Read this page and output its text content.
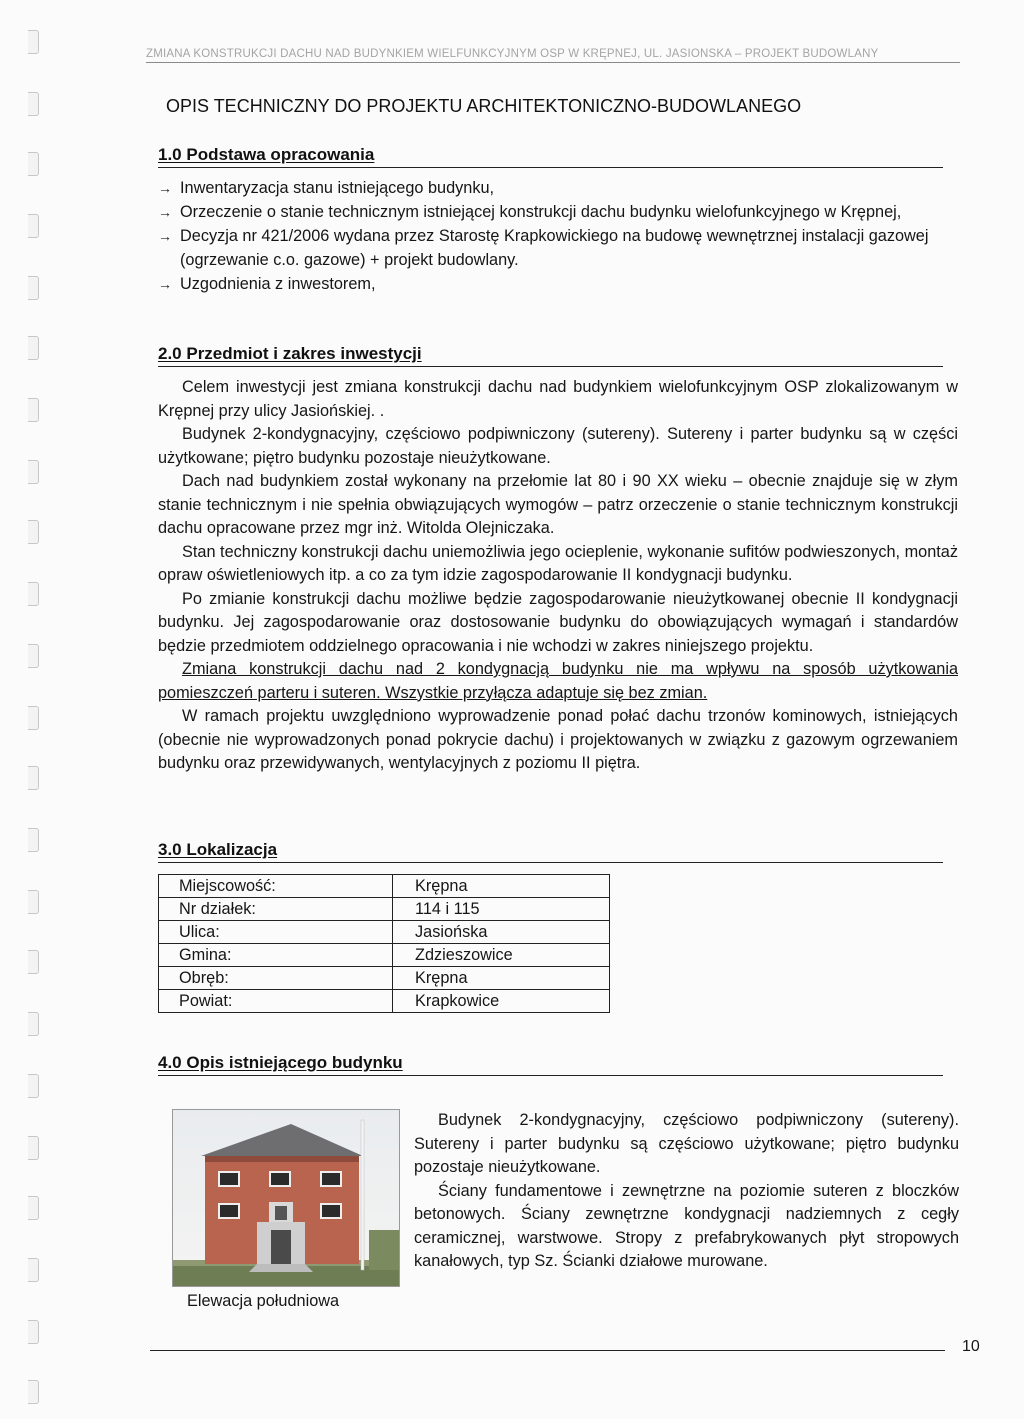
ZMIANA KONSTRUKCJI DACHU NAD BUDYNKIEM WIELFUNKCYJNYM OSP W KRĘPNEJ, UL. JASIOŃSKA – PROJEKT BUDOWLANY
OPIS TECHNICZNY DO PROJEKTU ARCHITEKTONICZNO-BUDOWLANEGO
1.0 Podstawa opracowania
→ Inwentaryzacja stanu istniejącego budynku,
→ Orzeczenie o stanie technicznym istniejącej konstrukcji dachu budynku wielofunkcyjnego w Krępnej,
→ Decyzja nr 421/2006 wydana przez Starostę Krapkowickiego na budowę wewnętrznej instalacji gazowej (ogrzewanie c.o. gazowe) + projekt budowlany.
→ Uzgodnienia z inwestorem,
2.0 Przedmiot i zakres inwestycji

Celem inwestycji jest zmiana konstrukcji dachu nad budynkiem wielofunkcyjnym OSP zlokalizowanym w Krępnej przy ulicy Jasiońskiej. .

Budynek 2-kondygnacyjny, częściowo podpiwniczony (sutereny). Sutereny i parter budynku są w części użytkowane; piętro budynku pozostaje nieużytkowane.

Dach nad budynkiem został wykonany na przełomie lat 80 i 90 XX wieku – obecnie znajduje się w złym stanie technicznym i nie spełnia obwiązujących wymogów – patrz orzeczenie o stanie technicznym konstrukcji dachu opracowane przez mgr inż. Witolda Olejniczaka.

Stan techniczny konstrukcji dachu uniemożliwia jego ocieplenie, wykonanie sufitów podwieszonych, montaż opraw oświetleniowych itp. a co za tym idzie zagospodarowanie II kondygnacji budynku.

Po zmianie konstrukcji dachu możliwe będzie zagospodarowanie nieużytkowanej obecnie II kondygnacji budynku. Jej zagospodarowanie oraz dostosowanie budynku do obowiązujących wymagań i standardów będzie przedmiotem oddzielnego opracowania i nie wchodzi w zakres niniejszego projektu.

Zmiana konstrukcji dachu nad 2 kondygnacją budynku nie ma wpływu na sposób użytkowania pomieszczeń parteru i suteren. Wszystkie przyłącza adaptuje się bez zmian.

W ramach projektu uwzględniono wyprowadzenie ponad połać dachu trzonów kominowych, istniejących (obecnie nie wyprowadzonych ponad pokrycie dachu) i projektowanych w związku z gazowym ogrzewaniem budynku oraz przewidywanych, wentylacyjnych z poziomu II piętra.

3.0 Lokalizacja
Miejscowość:	Krępna
Nr działek:	114 i 115
Ulica:	Jasiońska
Gmina:	Zdzieszowice
Obręb:	Krępna
Powiat:	Krapkowice
4.0 Opis istniejącego budynku
Elewacja południowa

Budynek 2-kondygnacyjny, częściowo podpiwniczony (sutereny). Sutereny i parter budynku są częściowo użytkowane; piętro budynku pozostaje nieużytkowane.

Ściany fundamentowe i zewnętrzne na poziomie suteren z bloczków betonowych. Ściany zewnętrzne kondygnacji nadziemnych z cegły ceramicznej, warstwowe. Stropy z prefabrykowanych płyt stropowych kanałowych, typ Sz. Ścianki działowe murowane.

10
